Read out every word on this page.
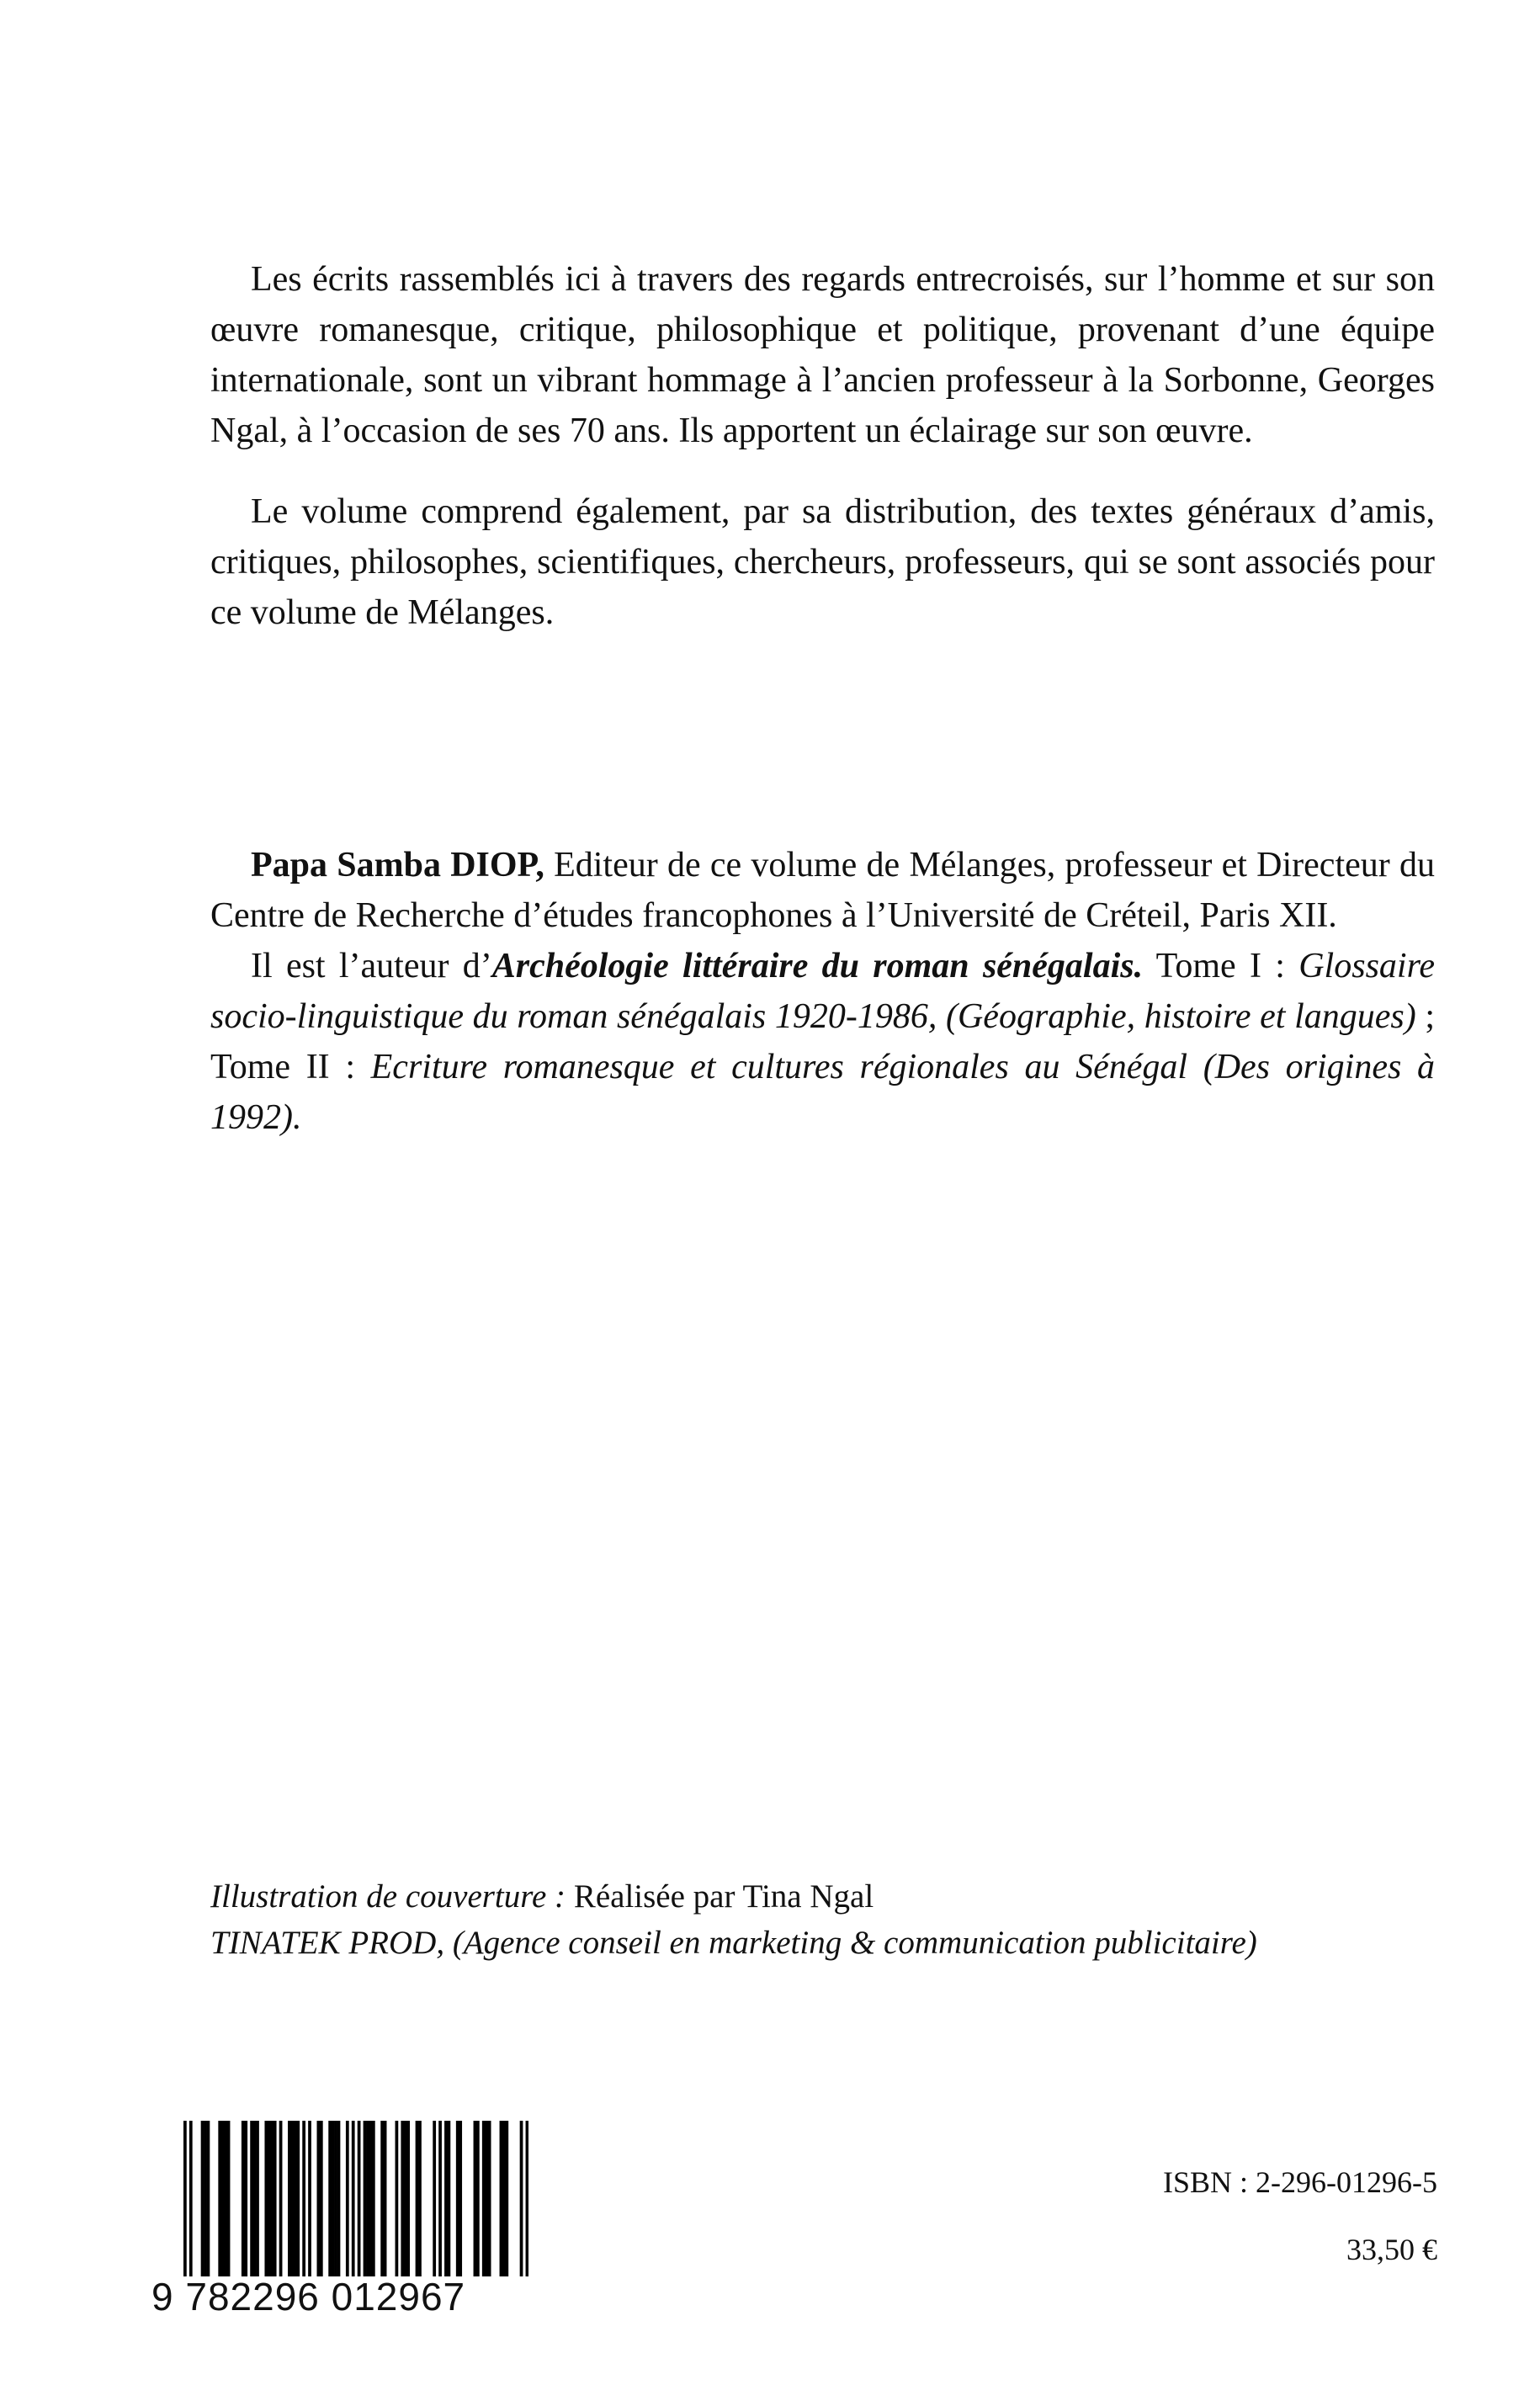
Les écrits rassemblés ici à travers des regards entrecroisés, sur l’homme et sur son œuvre romanesque, critique, philosophique et politique, provenant d’une équipe internationale, sont un vibrant hommage à l’ancien professeur à la Sorbonne, Georges Ngal, à l’occasion de ses 70 ans. Ils apportent un éclairage sur son œuvre.

Le volume comprend également, par sa distribution, des textes généraux d’amis, critiques, philosophes, scientifiques, chercheurs, professeurs, qui se sont associés pour ce volume de Mélanges.

Papa Samba DIOP, Editeur de ce volume de Mélanges, professeur et Directeur du Centre de Recherche d’études francophones à l’Université de Créteil, Paris XII.

Il est l’auteur d’Archéologie littéraire du roman sénégalais. Tome I : Glossaire socio-linguistique du roman sénégalais 1920-1986, (Géographie, histoire et langues) ; Tome II : Ecriture romanesque et cultures régionales au Sénégal (Des origines à 1992).

Illustration de couverture : Réalisée par Tina Ngal

TINATEK PROD, (Agence conseil en marketing & communication publicitaire)

9 782296 012967
ISBN : 2-296-01296-5
33,50 €
